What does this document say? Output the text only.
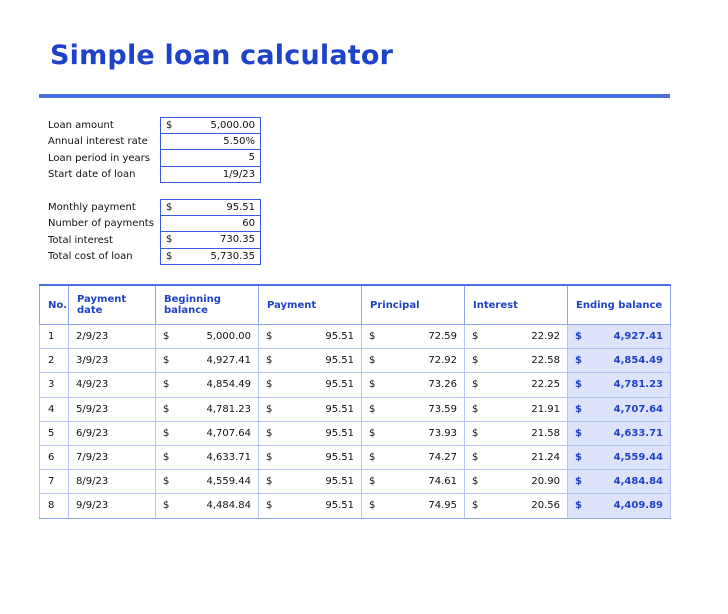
Simple loan calculator
Loan amount	$	5,000.00
Annual interest rate	5.50%
Loan period in years	5
Start date of loan	1/9/23
Monthly payment	$	95.51
Number of payments	60
Total interest	$	730.35
Total cost of loan	$	5,730.35
No.	Payment date	Beginning balance	Payment	Principal	Interest	Ending balance
1	2/9/23	$ 5,000.00	$ 95.51	$ 72.59	$ 22.92	$ 4,927.41

2	3/9/23	$ 4,927.41	$ 95.51	$ 72.92	$ 22.58	$ 4,854.49

3	4/9/23	$ 4,854.49	$ 95.51	$ 73.26	$ 22.25	$ 4,781.23

4	5/9/23	$ 4,781.23	$ 95.51	$ 73.59	$ 21.91	$ 4,707.64

5	6/9/23	$ 4,707.64	$ 95.51	$ 73.93	$ 21.58	$ 4,633.71

6	7/9/23	$ 4,633.71	$ 95.51	$ 74.27	$ 21.24	$ 4,559.44

7	8/9/23	$ 4,559.44	$ 95.51	$ 74.61	$ 20.90	$ 4,484.84

8	9/9/23	$ 4,484.84	$ 95.51	$ 74.95	$ 20.56	$ 4,409.89
